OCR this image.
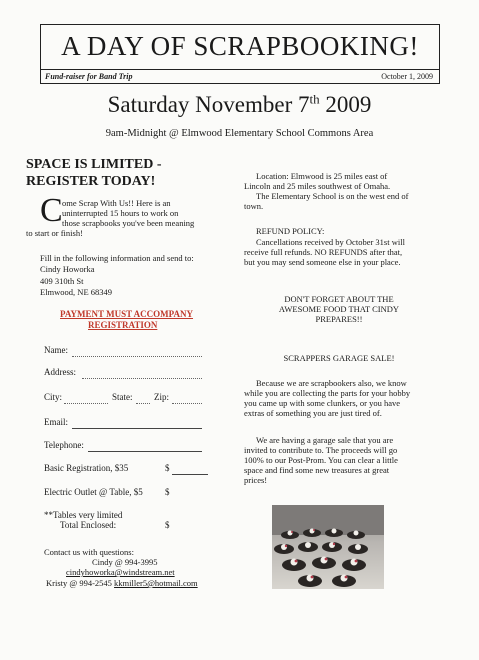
A DAY OF SCRAPBOOKING!
Fund-raiser for Band Trip	October 1, 2009
Saturday November 7th 2009
9am-Midnight @ Elmwood Elementary School Commons Area
SPACE IS LIMITED -
REGISTER TODAY!
C ome Scrap With Us!! Here is an
uninterrupted 15 hours to work on
those scrapbooks you've been meaning
to start or finish!
Fill in the following information and send to:
Cindy Howorka
409 310th St
Elmwood, NE 68349
PAYMENT MUST ACCOMPANY
REGISTRATION
Name:
Address:
City:	State: Zip:
Email:
Telephone:
Basic Registration, $35	$
Electric Outlet @ Table, $5 $
**Tables very limited
Total Enclosed:	$
Contact us with questions:
Cindy @ 994-3995
cindyhoworka@windstream.net
Kristy @ 994-2545 kkmiller5@hotmail.com
Location: Elmwood is 25 miles east of
Lincoln and 25 miles southwest of Omaha.
The Elementary School is on the west end of
town.
REFUND POLICY:
Cancellations received by October 31st will
receive full refunds. NO REFUNDS after that,
but you may send someone else in your place.
DON'T FORGET ABOUT THE
AWESOME FOOD THAT CINDY
PREPARES!!
SCRAPPERS GARAGE SALE!
Because we are scrapbookers also, we know
while you are collecting the parts for your hobby
you came up with some clunkers, or you have
extras of something you are just tired of.
We are having a garage sale that you are
invited to contribute to. The proceeds will go
100% to our Post-Prom. You can clear a little
space and find some new treasures at great
prices!
